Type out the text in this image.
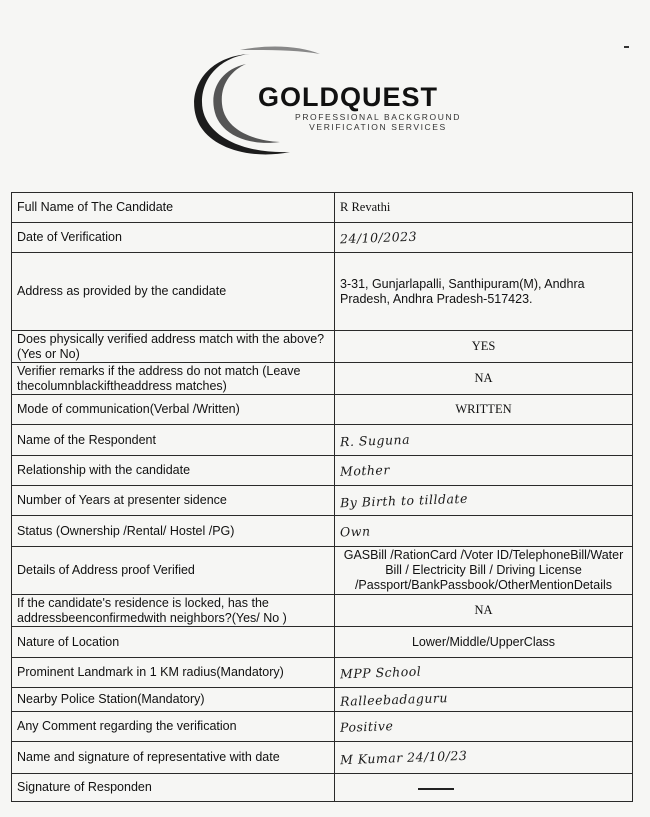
GOLDQUEST
PROFESSIONAL BACKGROUND
VERIFICATION SERVICES
Full Name of The Candidate	R Revathi
Date of Verification	24/10/2023
Address as provided by the candidate	3-31, Gunjarlapalli, Santhipuram(M), Andhra Pradesh, Andhra Pradesh-517423.
Does physically verified address match with the above?(Yes or No)	YES
Verifier remarks if the address do not match (Leave thecolumnblackiftheaddress matches)	NA
Mode of communication(Verbal /Written)	WRITTEN
Name of the Respondent	R. Suguna
Relationship with the candidate	Mother
Number of Years at presenter sidence	By Birth to tilldate
Status (Ownership /Rental/ Hostel /PG)	Own
Details of Address proof Verified	GASBill /RationCard /Voter ID/TelephoneBill/Water Bill / Electricity Bill / Driving License /Passport/BankPassbook/OtherMentionDetails
If the candidate's residence is locked, has the addressbeenconfirmedwith neighbors?(Yes/ No )	NA
Nature of Location	Lower/Middle/UpperClass
Prominent Landmark in 1 KM radius(Mandatory)	MPP School
Nearby Police Station(Mandatory)	Ralleebadaguru
Any Comment regarding the verification	Positive
Name and signature of representative with date	M Kumar 24/10/23
Signature of Responden	
